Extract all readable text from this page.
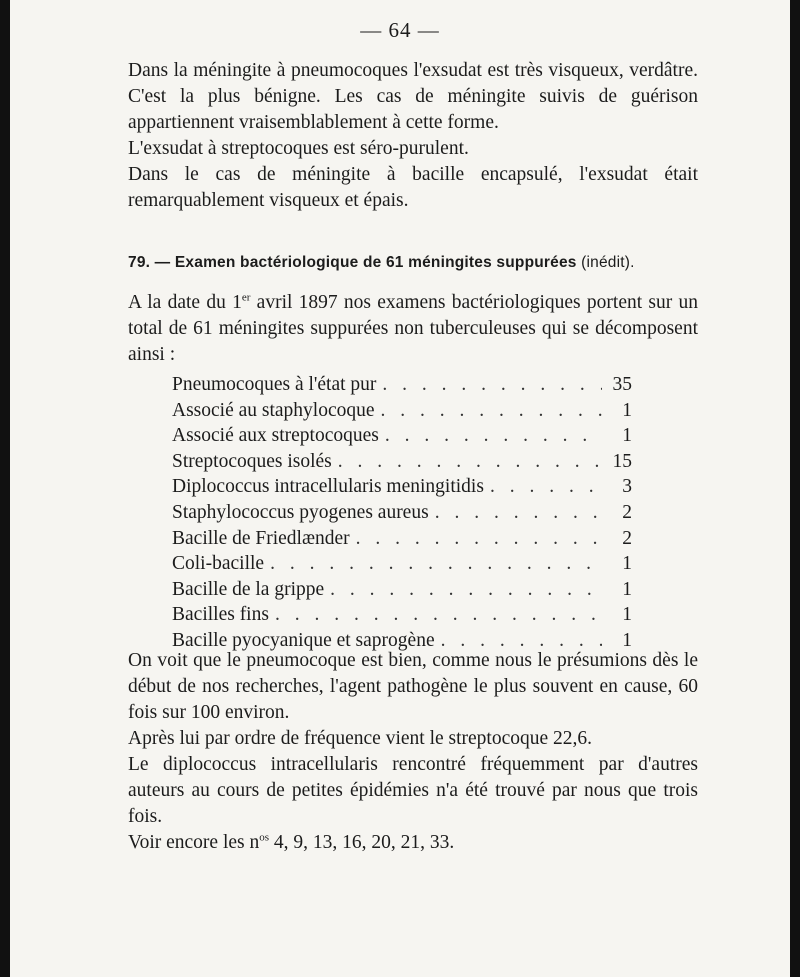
— 64 —

Dans la méningite à pneumocoques l'exsudat est très visqueux, verdâtre. C'est la plus bénigne. Les cas de méningite suivis de guérison appartiennent vraisemblablement à cette forme.

L'exsudat à streptocoques est séro-purulent.

Dans le cas de méningite à bacille encapsulé, l'exsudat était remarquablement visqueux et épais.

79. — Examen bactériologique de 61 méningites suppurées (inédit).

A la date du 1er avril 1897 nos examens bactériologiques portent sur un total de 61 méningites suppurées non tuberculeuses qui se décomposent ainsi :

Pneumocoques à l'état pur . . .	35
Associé au staphylocoque . . .	1
Associé aux streptocoques . . .	1
Streptocoques isolés . . .	15
Diplococcus intracellularis meningitidis . . .	3
Staphylococcus pyogenes aureus . . .	2
Bacille de Friedlænder . . .	2
Coli-bacille . . .	1
Bacille de la grippe . . .	1
Bacilles fins . . .	1
Bacille pyocyanique et saprogène . . .	1

On voit que le pneumocoque est bien, comme nous le présumions dès le début de nos recherches, l'agent pathogène le plus souvent en cause, 60 fois sur 100 environ.

Après lui par ordre de fréquence vient le streptocoque 22,6.

Le diplococcus intracellularis rencontré fréquemment par d'autres auteurs au cours de petites épidémies n'a été trouvé par nous que trois fois.

Voir encore les $n^{os}$ 4, 9, 13, 16, 20, 21, 33.
